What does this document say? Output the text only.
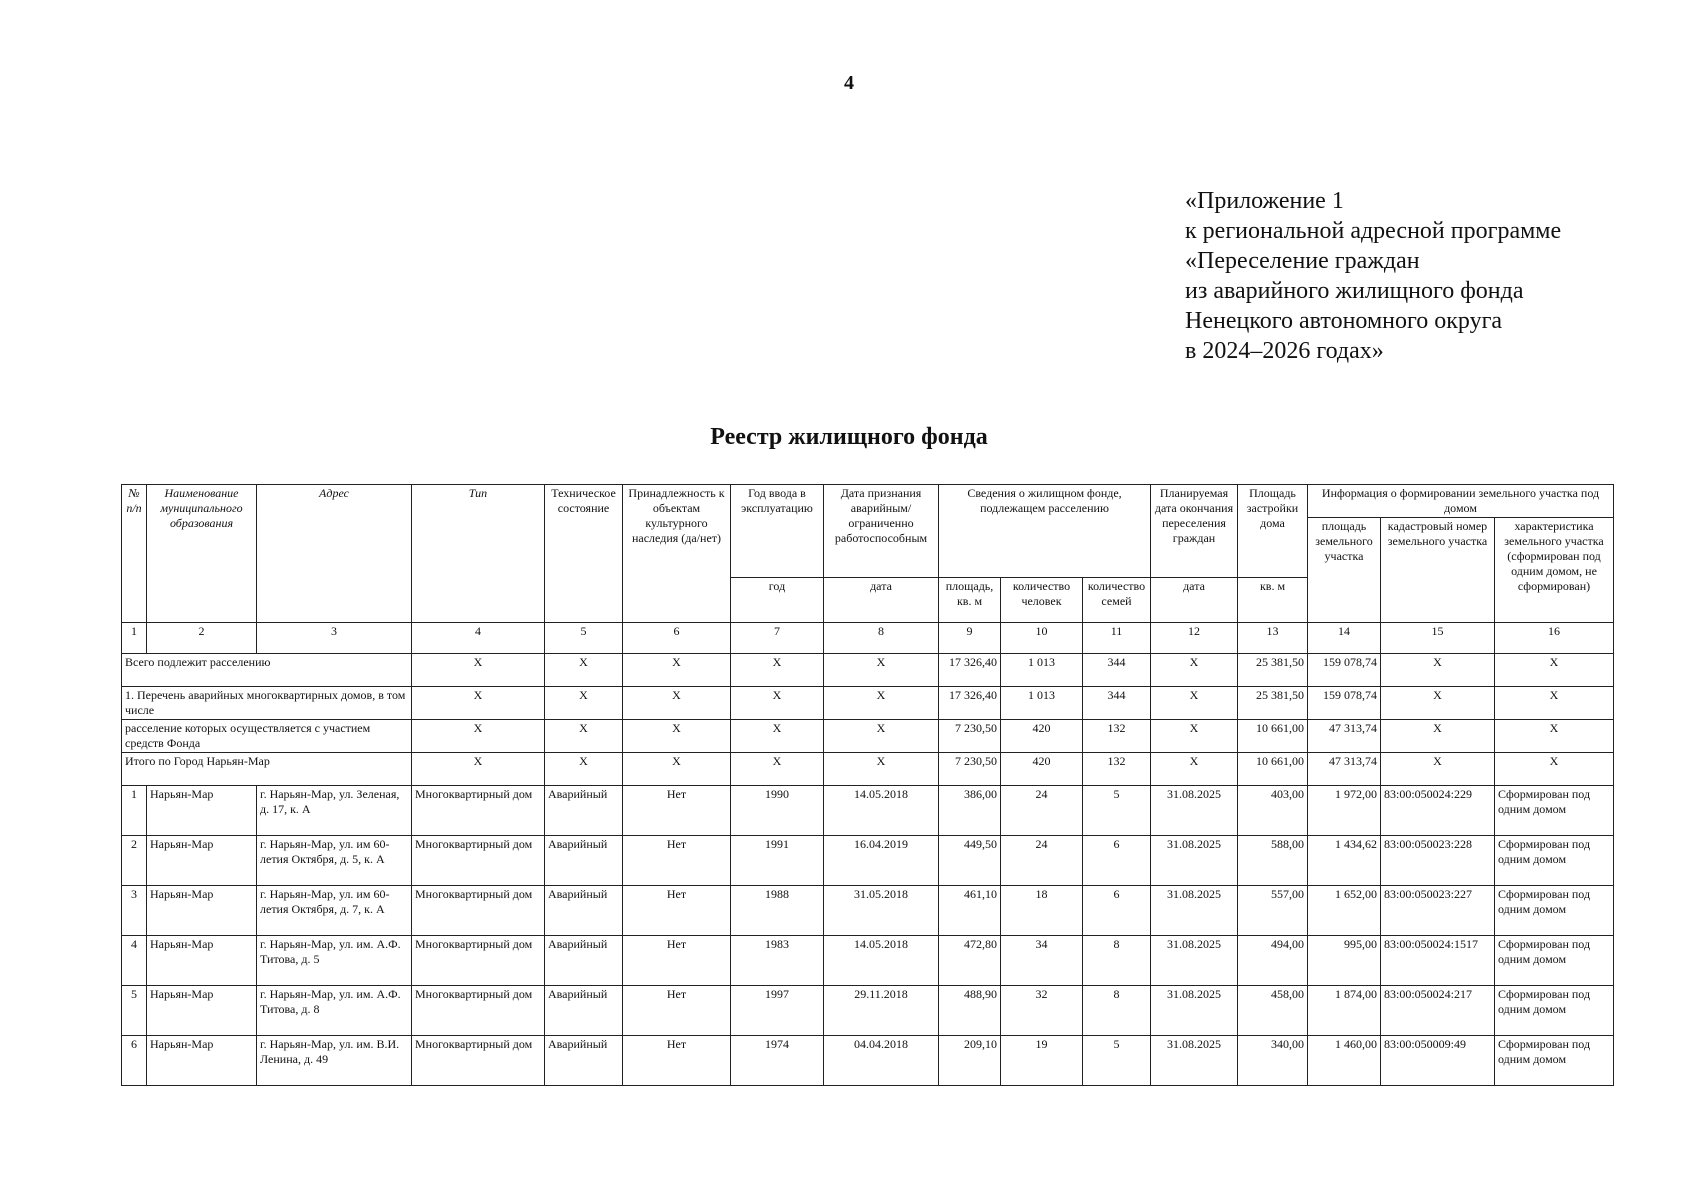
4
«Приложение 1
к региональной адресной программе
«Переселение граждан
из аварийного жилищного фонда
Ненецкого автономного округа
в 2024–2026 годах»
Реестр жилищного фонда
№ п/п	Наименование муниципального образования	Адрес	Тип	Техническое состояние	Принадлежность к объектам культурного наследия (да/нет)	Год ввода в эксплуатацию	Дата признания аварийным/ ограниченно работоспособным	Сведения о жилищном фонде, подлежащем расселению			Планируемая дата окончания переселения граждан	Площадь застройки дома	Информация о формировании земельного участка под домом		
													площадь земельного участка	кадастровый номер земельного участка	характеристика земельного участка (сформирован под одним домом, не сформирован)
						год	дата	площадь, кв. м	количество человек	количество семей	дата	кв. м			
1	2	3	4	5	6	7	8	9	10	11	12	13	14	15	16
Всего подлежит расселению			X	X	X	X	X	17 326,40	1 013	344	X	25 381,50	159 078,74	X	X
1. Перечень аварийных многоквартирных домов, в том числе			X	X	X	X	X	17 326,40	1 013	344	X	25 381,50	159 078,74	X	X
расселение которых осуществляется с участием средств Фонда			X	X	X	X	X	7 230,50	420	132	X	10 661,00	47 313,74	X	X
Итого по Город Нарьян-Мар			X	X	X	X	X	7 230,50	420	132	X	10 661,00	47 313,74	X	X
1	Нарьян-Мар	г. Нарьян-Мар, ул. Зеленая, д. 17, к. А	Многоквартирный дом	Аварийный	Нет	1990	14.05.2018	386,00	24	5	31.08.2025	403,00	1 972,00	83:00:050024:229	Сформирован под одним домом
2	Нарьян-Мар	г. Нарьян-Мар, ул. им 60-летия Октября, д. 5, к. А	Многоквартирный дом	Аварийный	Нет	1991	16.04.2019	449,50	24	6	31.08.2025	588,00	1 434,62	83:00:050023:228	Сформирован под одним домом
3	Нарьян-Мар	г. Нарьян-Мар, ул. им 60-летия Октября, д. 7, к. А	Многоквартирный дом	Аварийный	Нет	1988	31.05.2018	461,10	18	6	31.08.2025	557,00	1 652,00	83:00:050023:227	Сформирован под одним домом
4	Нарьян-Мар	г. Нарьян-Мар, ул. им. А.Ф. Титова, д. 5	Многоквартирный дом	Аварийный	Нет	1983	14.05.2018	472,80	34	8	31.08.2025	494,00	995,00	83:00:050024:1517	Сформирован под одним домом
5	Нарьян-Мар	г. Нарьян-Мар, ул. им. А.Ф. Титова, д. 8	Многоквартирный дом	Аварийный	Нет	1997	29.11.2018	488,90	32	8	31.08.2025	458,00	1 874,00	83:00:050024:217	Сформирован под одним домом
6	Нарьян-Мар	г. Нарьян-Мар, ул. им. В.И. Ленина, д. 49	Многоквартирный дом	Аварийный	Нет	1974	04.04.2018	209,10	19	5	31.08.2025	340,00	1 460,00	83:00:050009:49	Сформирован под одним домом
